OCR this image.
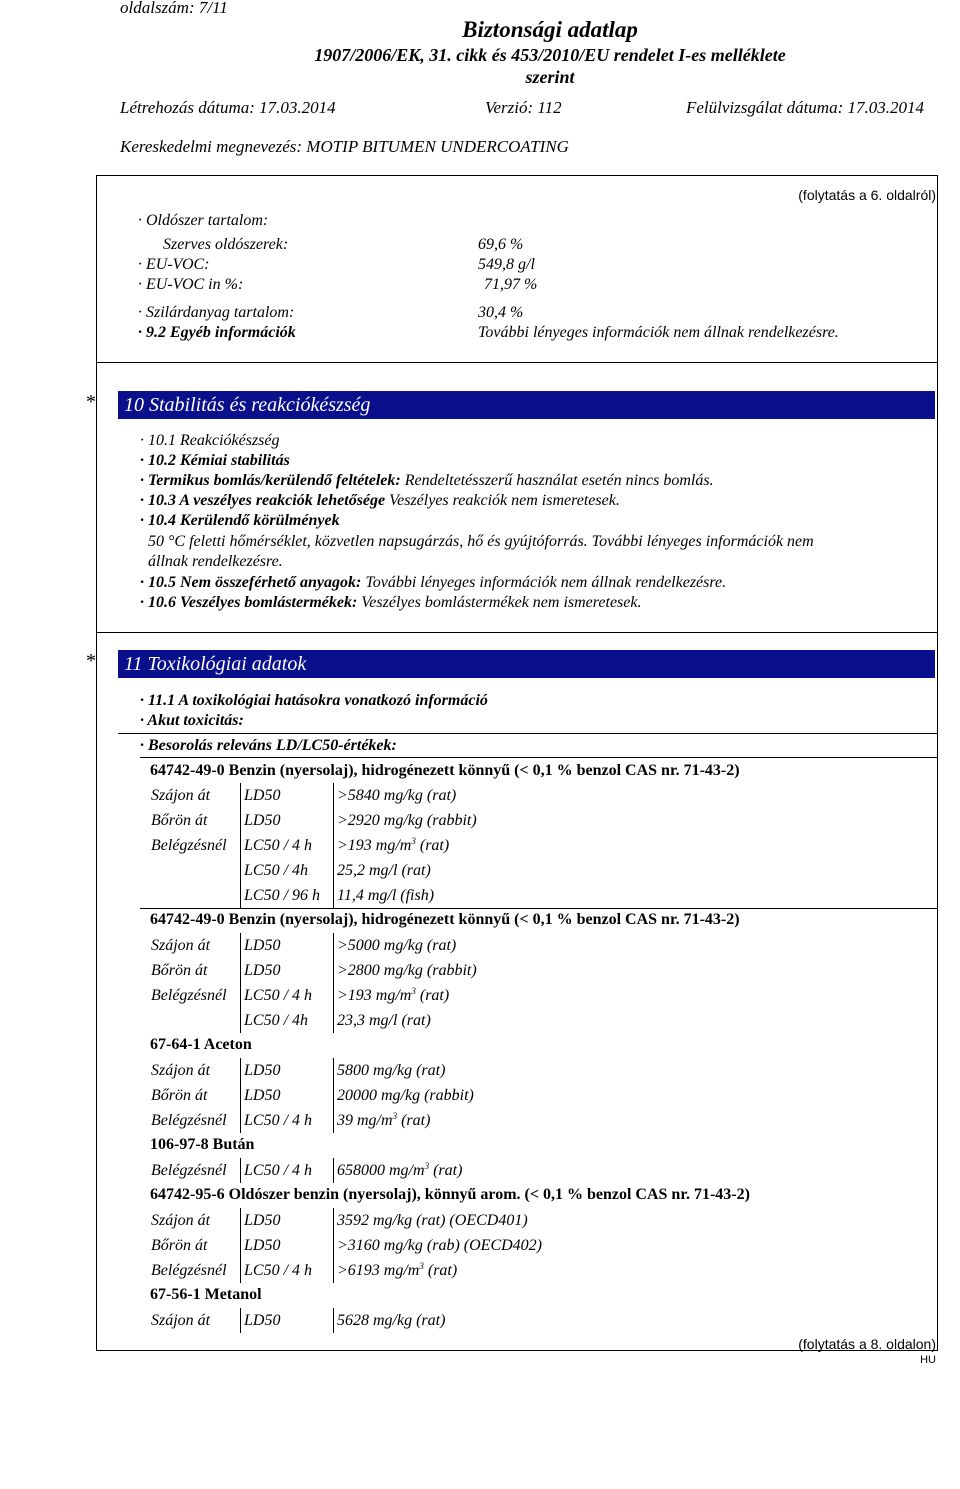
oldalszám: 7/11
Biztonsági adatlap
1907/2006/EK, 31. cikk és 453/2010/EU rendelet I-es melléklete
szerint
Létrehozás dátuma: 17.03.2014	Verzió: 112	Felülvizsgálat dátuma: 17.03.2014
Kereskedelmi megnevezés: MOTIP BITUMEN UNDERCOATING
(folytatás a 6. oldalról)
· Oldószer tartalom:
Szerves oldószerek:	69,6 %
· EU-VOC:	549,8 g/l
· EU-VOC in %:	71,97 %
· Szilárdanyag tartalom:	30,4 %
· 9.2 Egyéb információk	További lényeges információk nem állnak rendelkezésre.
*	10 Stabilitás és reakciókészség
· 10.1 Reakciókészség
· 10.2 Kémiai stabilitás
· Termikus bomlás/kerülendő feltételek: Rendeltetésszerű használat esetén nincs bomlás.
· 10.3 A veszélyes reakciók lehetősége Veszélyes reakciók nem ismeretesek.
· 10.4 Kerülendő körülmények
50 °C feletti hőmérséklet, közvetlen napsugárzás, hő és gyújtóforrás. További lényeges információk nem
állnak rendelkezésre.
· 10.5 Nem összeférhető anyagok: További lényeges információk nem állnak rendelkezésre.
· 10.6 Veszélyes bomlástermékek: Veszélyes bomlástermékek nem ismeretesek.
*	11 Toxikológiai adatok
· 11.1 A toxikológiai hatásokra vonatkozó információ
· Akut toxicitás:
· Besorolás releváns LD/LC50-értékek:
64742-49-0 Benzin (nyersolaj), hidrogénezett könnyű (< 0,1 % benzol CAS nr. 71-43-2)
Szájon át	LD50	>5840 mg/kg (rat)
Bőrön át	LD50	>2920 mg/kg (rabbit)
Belégzésnél	LC50 / 4 h	>193 $mg/m^3$ (rat)
	LC50 / 4h	25,2 mg/l (rat)
	LC50 / 96 h	11,4 mg/l (fish)
64742-49-0 Benzin (nyersolaj), hidrogénezett könnyű (< 0,1 % benzol CAS nr. 71-43-2)
Szájon át	LD50	>5000 mg/kg (rat)
Bőrön át	LD50	>2800 mg/kg (rabbit)
Belégzésnél	LC50 / 4 h	>193 $mg/m^3$ (rat)
	LC50 / 4h	23,3 mg/l (rat)
67-64-1 Aceton
Szájon át	LD50	5800 mg/kg (rat)
Bőrön át	LD50	20000 mg/kg (rabbit)
Belégzésnél	LC50 / 4 h	39 $mg/m^3$ (rat)
106-97-8 Bután
Belégzésnél	LC50 / 4 h	658000 $mg/m^3$ (rat)
64742-95-6 Oldószer benzin (nyersolaj), könnyű arom. (< 0,1 % benzol CAS nr. 71-43-2)
Szájon át	LD50	3592 mg/kg (rat) (OECD401)
Bőrön át	LD50	>3160 mg/kg (rab) (OECD402)
Belégzésnél	LC50 / 4 h	>6193 $mg/m^3$ (rat)
67-56-1 Metanol
Szájon át	LD50	5628 mg/kg (rat)
(folytatás a 8. oldalon)
HU
